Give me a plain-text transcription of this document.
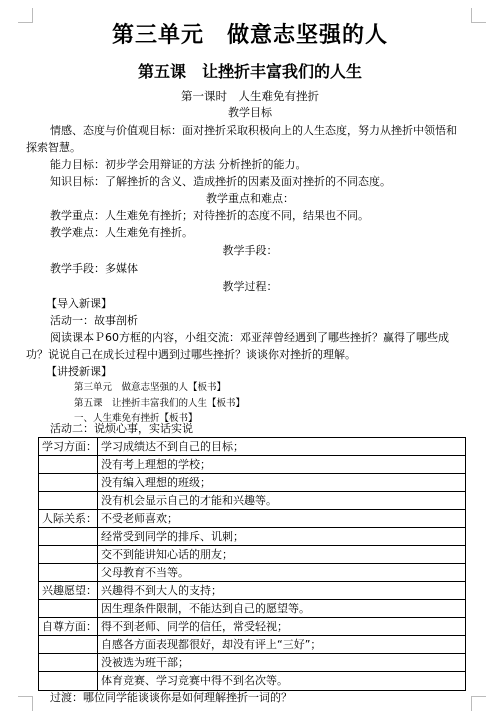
第三单元　做意志坚强的人
第五课　让挫折丰富我们的人生
第一课时　人生难免有挫折
教学目标
情感、态度与价值观目标：面对挫折采取积极向上的人生态度，努力从挫折中领悟和
探索智慧。
能力目标：初步学会用辩证的方法 分析挫折的能力。
知识目标：了解挫折的含义、造成挫折的因素及面对挫折的不同态度。
教学重点和难点：
教学重点：人生难免有挫折；对待挫折的态度不同，结果也不同。
教学难点：人生难免有挫折。
教学手段：
教学手段：多媒体
教学过程：
【导入新课】
活动一：故事剖析
阅读课本Ｐ60方框的内容，小组交流：邓亚萍曾经遇到了哪些挫折？赢得了哪些成
功？说说自己在成长过程中遇到过哪些挫折？谈谈你对挫折的理解。
【讲授新课】
第三单元　做意志坚强的人【板书】
第五课　让挫折丰富我们的人生【板书】
一、人生难免有挫折【板书】
活动二：说烦心事，实话实说
学习方面： 学习成绩达不到自己的目标；
没有考上理想的学校；
没有编入理想的班级；
没有机会显示自己的才能和兴趣等。
人际关系： 不受老师喜欢；
经常受到同学的排斥、讥刺；
交不到能讲知心话的朋友；
父母教育不当等。
兴趣愿望： 兴趣得不到大人的支持；
因生理条件限制，不能达到自己的愿望等。
自尊方面： 得不到老师、同学的信任，常受轻视；
自感各方面表现都很好，却没有评上“三好”；
没被选为班干部；
体育竞赛、学习竞赛中得不到名次等。
过渡：哪位同学能谈谈你是如何理解挫折一词的？
